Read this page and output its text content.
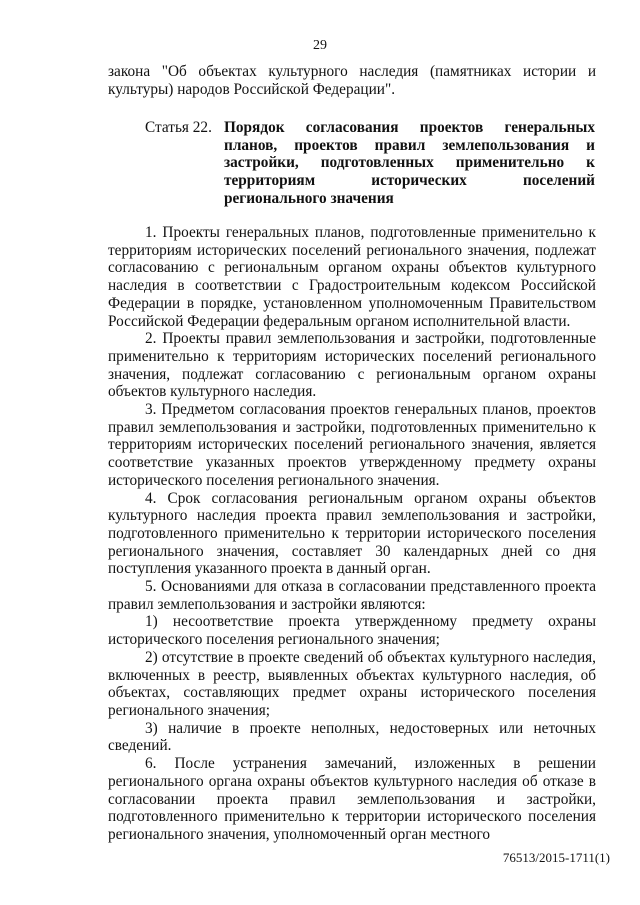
29
закона "Об объектах культурного наследия (памятниках истории и культуры) народов Российской Федерации".
Статья 22. Порядок согласования проектов генеральных планов, проектов правил землепользования и застройки, подготовленных применительно к территориям исторических поселений регионального значения

1. Проекты генеральных планов, подготовленные применительно к территориям исторических поселений регионального значения, подлежат согласованию с региональным органом охраны объектов культурного наследия в соответствии с Градостроительным кодексом Российской Федерации в порядке, установленном уполномоченным Правительством Российской Федерации федеральным органом исполнительной власти.

2. Проекты правил землепользования и застройки, подготовленные применительно к территориям исторических поселений регионального значения, подлежат согласованию с региональным органом охраны объектов культурного наследия.

3. Предметом согласования проектов генеральных планов, проектов правил землепользования и застройки, подготовленных применительно к территориям исторических поселений регионального значения, является соответствие указанных проектов утвержденному предмету охраны исторического поселения регионального значения.

4. Срок согласования региональным органом охраны объектов культурного наследия проекта правил землепользования и застройки, подготовленного применительно к территории исторического поселения регионального значения, составляет 30 календарных дней со дня поступления указанного проекта в данный орган.

5. Основаниями для отказа в согласовании представленного проекта правил землепользования и застройки являются:

1) несоответствие проекта утвержденному предмету охраны исторического поселения регионального значения;

2) отсутствие в проекте сведений об объектах культурного наследия, включенных в реестр, выявленных объектах культурного наследия, об объектах, составляющих предмет охраны исторического поселения регионального значения;

3) наличие в проекте неполных, недостоверных или неточных сведений.

6. После устранения замечаний, изложенных в решении регионального органа охраны объектов культурного наследия об отказе в согласовании проекта правил землепользования и застройки, подготовленного применительно к территории исторического поселения регионального значения, уполномоченный орган местного

76513/2015-1711(1)
